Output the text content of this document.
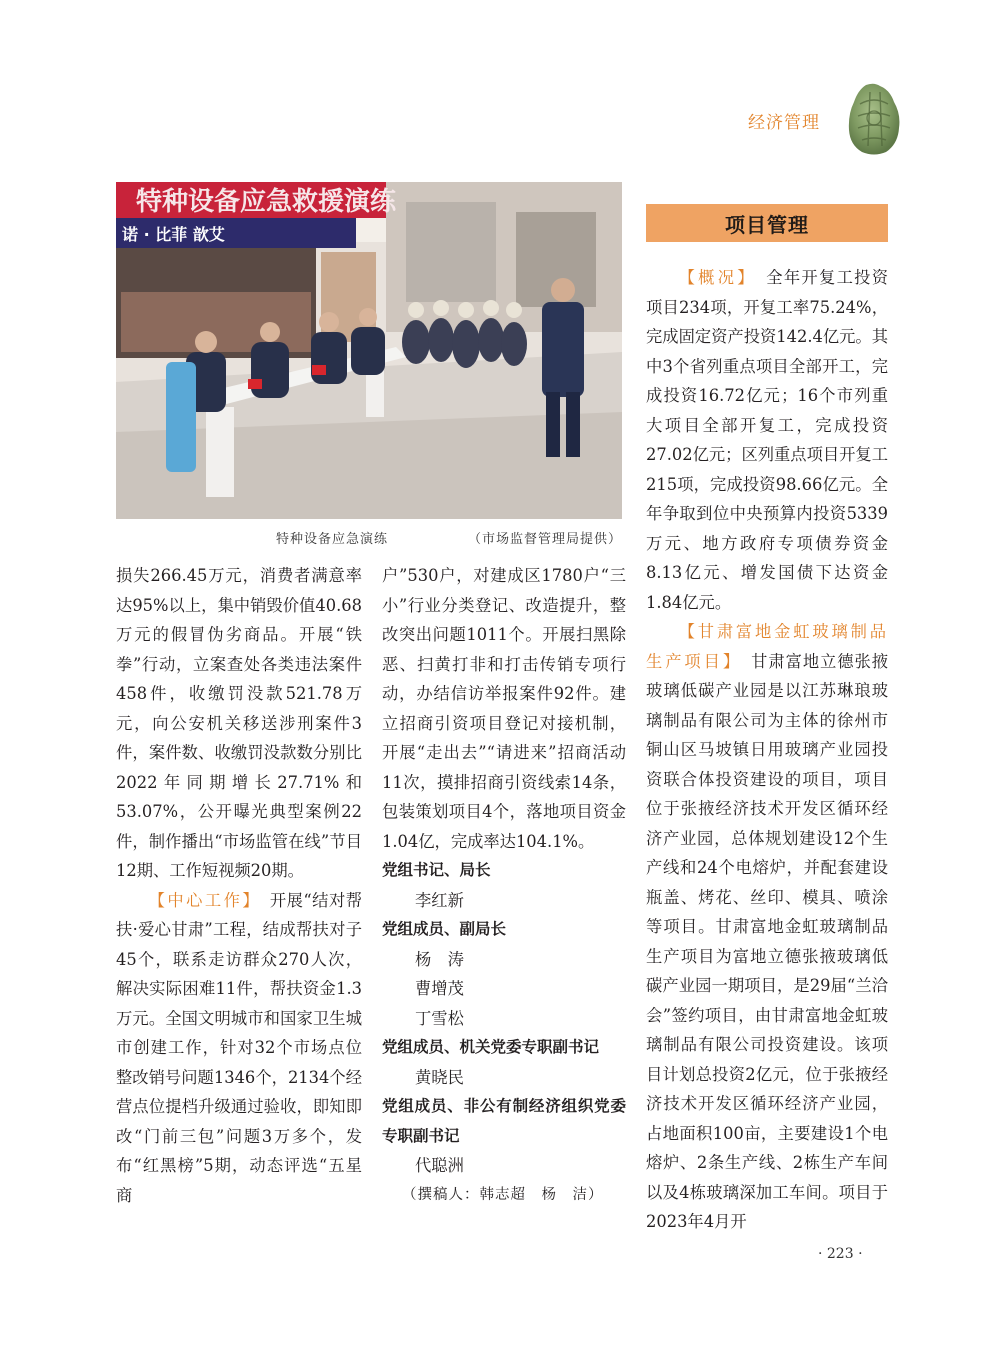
经济管理
特种设备应急救援演练
诺 · 比菲 歆艾
特种设备应急演练	（市场监督管理局提供）

损失266.45万元，消费者满意率达95%以上，集中销毁价值40.68万元的假冒伪劣商品。开展“铁拳”行动，立案查处各类违法案件458件，收缴罚没款521.78万元，向公安机关移送涉刑案件3件，案件数、收缴罚没款数分别比2022年同期增长27.71%和53.07%，公开曝光典型案例22件，制作播出“市场监管在线”节目12期、工作短视频20期。

【中心工作】  开展“结对帮扶·爱心甘肃”工程，结成帮扶对子45个，联系走访群众270人次，解决实际困难11件，帮扶资金1.3万元。全国文明城市和国家卫生城市创建工作，针对32个市场点位整改销号问题1346个，2134个经营点位提档升级通过验收，即知即改“门前三包”问题3万多个，发布“红黑榜”5期，动态评选“五星商

户”530户，对建成区1780户“三小”行业分类登记、改造提升，整改突出问题1011个。开展扫黑除恶、扫黄打非和打击传销专项行动，办结信访举报案件92件。建立招商引资项目登记对接机制，开展“走出去”“请进来”招商活动11次，摸排招商引资线索14条，包装策划项目4个，落地项目资金1.04亿，完成率达104.1%。

党组书记、局长

李红新

党组成员、副局长

杨　涛

曹增茂

丁雪松

党组成员、机关党委专职副书记

黄晓民

党组成员、非公有制经济组织党委专职副书记

代聪洲

（撰稿人：韩志超　杨　洁）

项目管理

【概况】  全年开复工投资项目234项，开复工率75.24%，完成固定资产投资142.4亿元。其中3个省列重点项目全部开工，完成投资16.72亿元；16个市列重大项目全部开复工，完成投资27.02亿元；区列重点项目开复工215项，完成投资98.66亿元。全年争取到位中央预算内投资5339万元、地方政府专项债券资金8.13亿元、增发国债下达资金1.84亿元。

【甘肃富地金虹玻璃制品生产项目】  甘肃富地立德张掖玻璃低碳产业园是以江苏琳琅玻璃制品有限公司为主体的徐州市铜山区马坡镇日用玻璃产业园投资联合体投资建设的项目，项目位于张掖经济技术开发区循环经济产业园，总体规划建设12个生产线和24个电熔炉，并配套建设瓶盖、烤花、丝印、模具、喷涂等项目。甘肃富地金虹玻璃制品生产项目为富地立德张掖玻璃低碳产业园一期项目，是29届“兰洽会”签约项目，由甘肃富地金虹玻璃制品有限公司投资建设。该项目计划总投资2亿元，位于张掖经济技术开发区循环经济产业园，占地面积100亩，主要建设1个电熔炉、2条生产线、2栋生产车间以及4栋玻璃深加工车间。项目于2023年4月开

· 223 ·
